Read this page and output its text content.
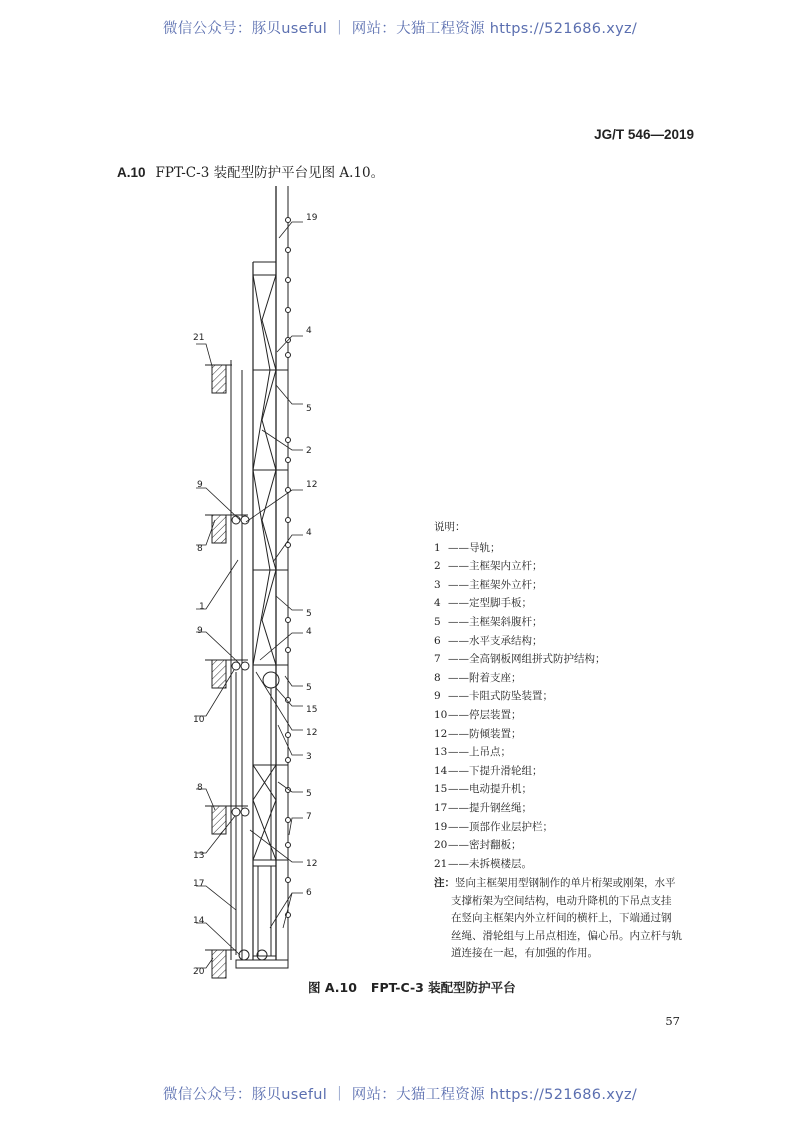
微信公众号：豚贝useful ｜ 网站：大猫工程资源 https://521686.xyz/
JG/T 546—2019
A.10 FPT-C-3 装配型防护平台见图 A.10。
19
4
5
2
12
4
5
4
5
15
12
3
5
7
12
6
21
9
8
1
9
10
8
13
17
14
20
说明：
1 ——导轨；
2 ——主框架内立杆；
3 ——主框架外立杆；
4 ——定型脚手板；
5 ——主框架斜腹杆；
6 ——水平支承结构；
7 ——全高钢板网组拼式防护结构；
8 ——附着支座；
9 ——卡阻式防坠装置；
10——停层装置；
12——防倾装置；
13——上吊点；
14——下提升滑轮组；
15——电动提升机；
17——提升钢丝绳；
19——顶部作业层护栏；
20——密封翻板；
21——未拆模楼层。
注：竖向主框架用型钢制作的单片桁架或刚架，水平
支撑桁架为空间结构，电动升降机的下吊点支挂
在竖向主框架内外立杆间的横杆上，下端通过钢
丝绳、滑轮组与上吊点相连，偏心吊。内立杆与轨
道连接在一起，有加强的作用。
图 A.10 FPT-C-3 装配型防护平台
57
微信公众号：豚贝useful ｜ 网站：大猫工程资源 https://521686.xyz/
